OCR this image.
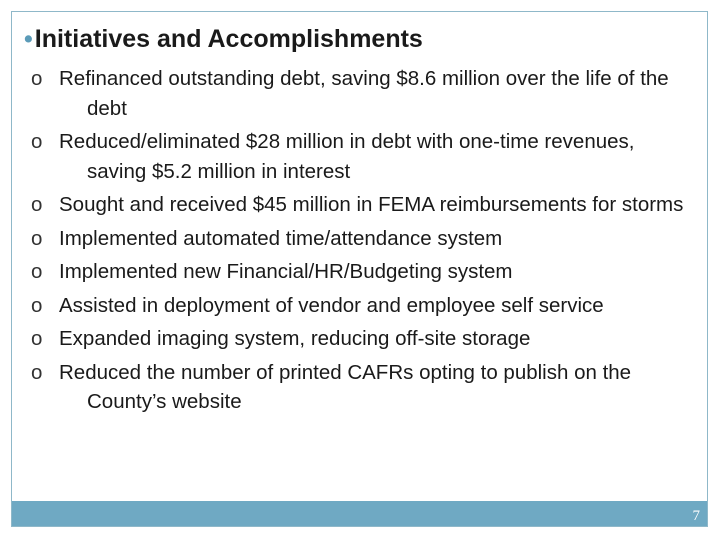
•Initiatives and Accomplishments
o Refinanced outstanding debt, saving $8.6 million over the life of the debt
o Reduced/eliminated $28 million in debt with one-time revenues, saving $5.2 million in interest
o Sought and received $45 million in FEMA reimbursements for storms
o Implemented automated time/attendance system
o Implemented new Financial/HR/Budgeting system
o Assisted in deployment of vendor and employee self service
o Expanded imaging system, reducing off-site storage
o Reduced the number of printed CAFRs opting to publish on the County’s website
7
